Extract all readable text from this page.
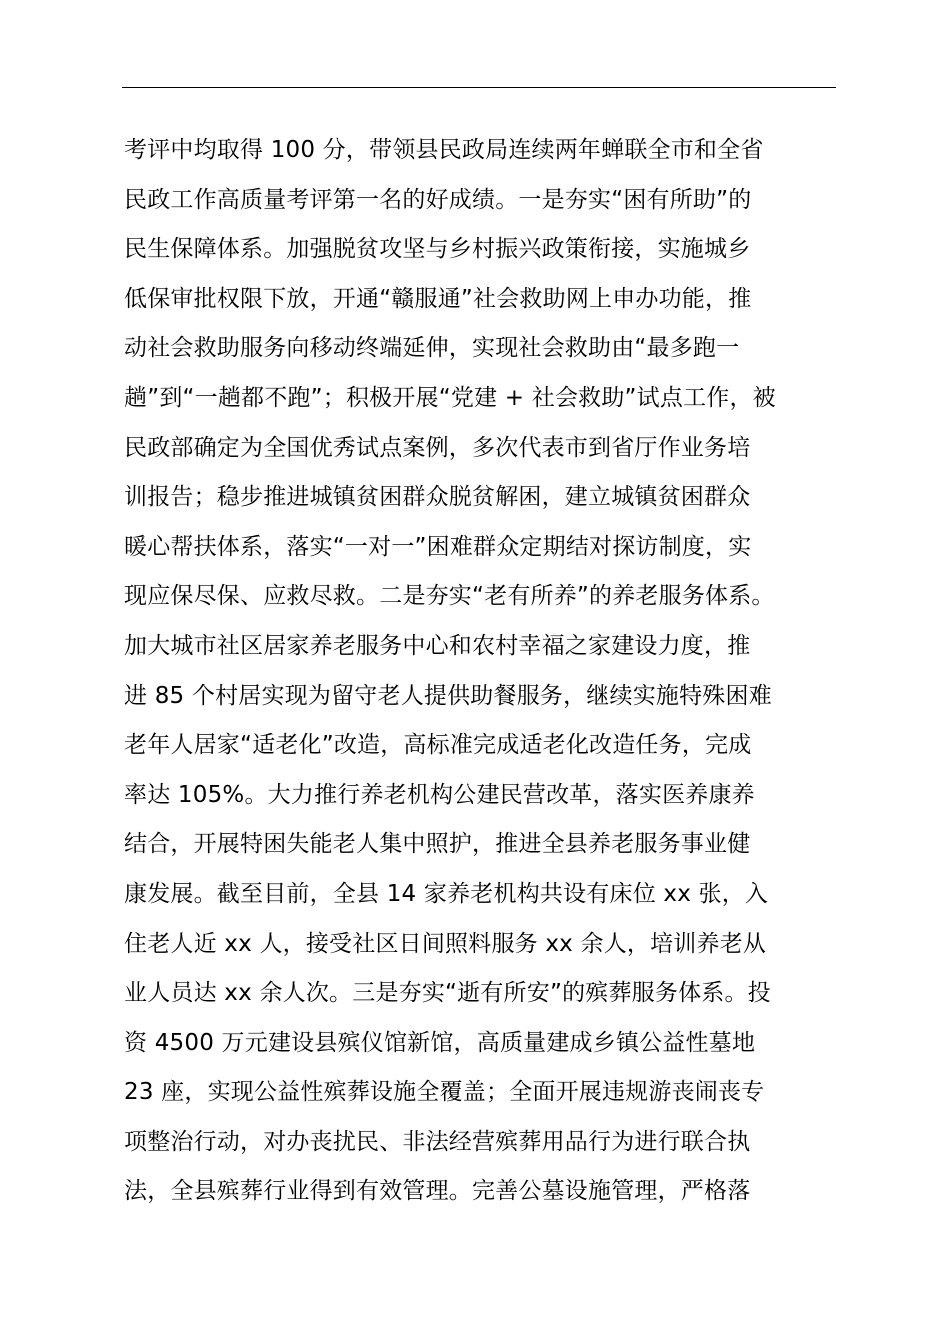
考评中均取得 100 分，带领县民政局连续两年蝉联全市和全省
民政工作高质量考评第一名的好成绩。一是夯实“困有所助”的
民生保障体系。加强脱贫攻坚与乡村振兴政策衔接，实施城乡
低保审批权限下放，开通“赣服通”社会救助网上申办功能，推
动社会救助服务向移动终端延伸，实现社会救助由“最多跑一
趟”到“一趟都不跑”；积极开展“党建 + 社会救助”试点工作，被
民政部确定为全国优秀试点案例，多次代表市到省厅作业务培
训报告；稳步推进城镇贫困群众脱贫解困，建立城镇贫困群众
暖心帮扶体系，落实“一对一”困难群众定期结对探访制度，实
现应保尽保、应救尽救。二是夯实“老有所养”的养老服务体系。
加大城市社区居家养老服务中心和农村幸福之家建设力度，推
进 85 个村居实现为留守老人提供助餐服务，继续实施特殊困难
老年人居家“适老化”改造，高标准完成适老化改造任务，完成
率达 105%。大力推行养老机构公建民营改革，落实医养康养
结合，开展特困失能老人集中照护，推进全县养老服务事业健
康发展。截至目前，全县 14 家养老机构共设有床位 xx 张，入
住老人近 xx 人，接受社区日间照料服务 xx 余人，培训养老从
业人员达 xx 余人次。三是夯实“逝有所安”的殡葬服务体系。投
资 4500 万元建设县殡仪馆新馆，高质量建成乡镇公益性墓地
23 座，实现公益性殡葬设施全覆盖；全面开展违规游丧闹丧专
项整治行动，对办丧扰民、非法经营殡葬用品行为进行联合执
法，全县殡葬行业得到有效管理。完善公墓设施管理，严格落
